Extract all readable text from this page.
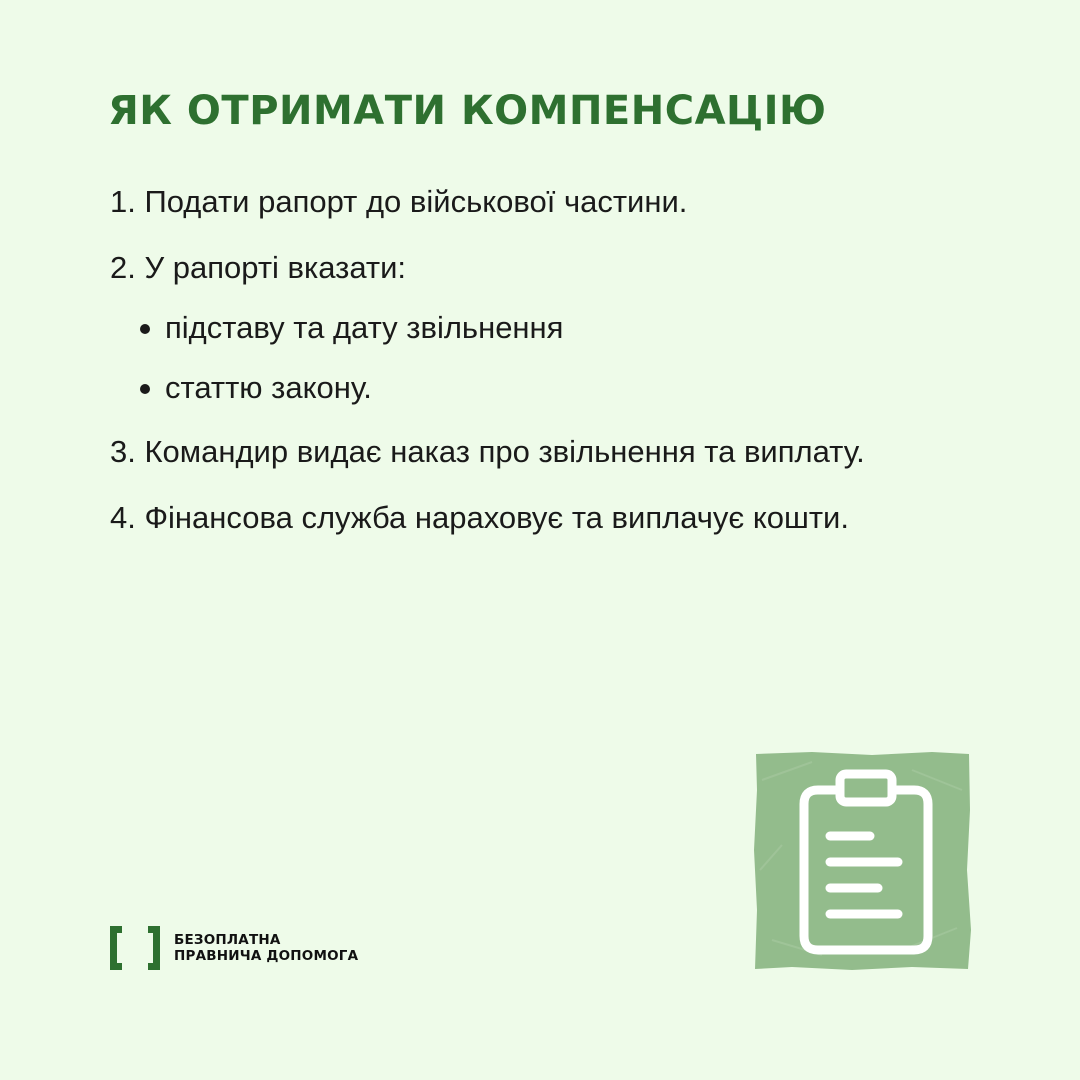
ЯК ОТРИМАТИ КОМПЕНСАЦІЮ
1. Подати рапорт до військової частини.
2. У рапорті вказати:
підставу та дату звільнення
статтю закону.
3. Командир видає наказ про звільнення та виплату.
4. Фінансова служба нараховує та виплачує кошти.
БЕЗОПЛАТНА
ПРАВНИЧА ДОПОМОГА
